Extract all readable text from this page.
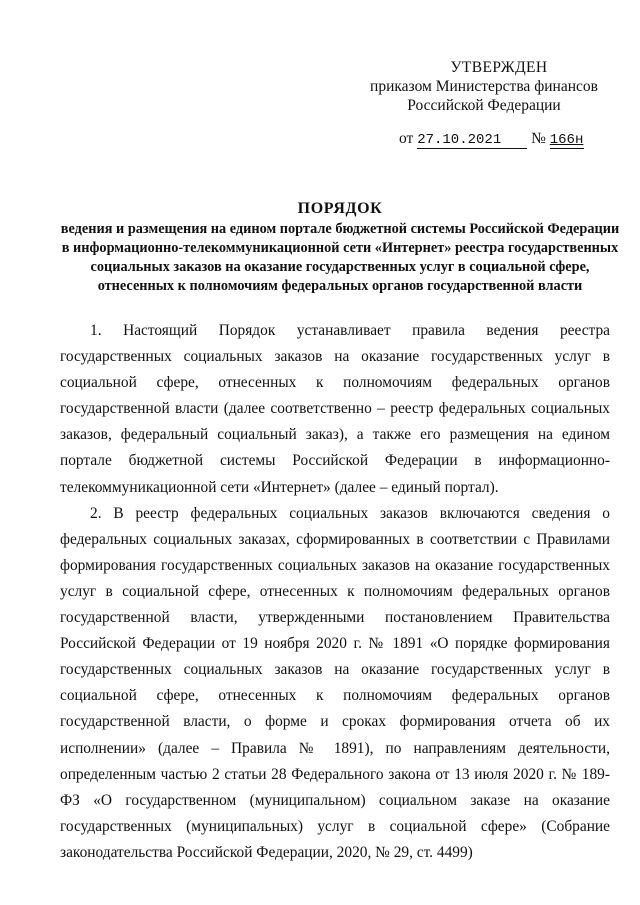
УТВЕРЖДЕН
приказом Министерства финансов
Российской Федерации
от 27.10.2021 № 166н
ПОРЯДОК
ведения и размещения на едином портале бюджетной системы Российской Федерации в информационно-телекоммуникационной сети «Интернет» реестра государственных социальных заказов на оказание государственных услуг в социальной сфере, отнесенных к полномочиям федеральных органов государственной власти

1. Настоящий Порядок устанавливает правила ведения реестра государственных социальных заказов на оказание государственных услуг в социальной сфере, отнесенных к полномочиям федеральных органов государственной власти (далее соответственно – реестр федеральных социальных заказов, федеральный социальный заказ), а также его размещения на едином портале бюджетной системы Российской Федерации в информационно-телекоммуникационной сети «Интернет» (далее – единый портал).

2. В реестр федеральных социальных заказов включаются сведения о федеральных социальных заказах, сформированных в соответствии с Правилами формирования государственных социальных заказов на оказание государственных услуг в социальной сфере, отнесенных к полномочиям федеральных органов государственной власти, утвержденными постановлением Правительства Российской Федерации от 19 ноября 2020 г. № 1891 «О порядке формирования государственных социальных заказов на оказание государственных услуг в социальной сфере, отнесенных к полномочиям федеральных органов государственной власти, о форме и сроках формирования отчета об их исполнении» (далее – Правила № 1891), по направлениям деятельности, определенным частью 2 статьи 28 Федерального закона от 13 июля 2020 г. № 189-ФЗ «О государственном (муниципальном) социальном заказе на оказание государственных (муниципальных) услуг в социальной сфере» (Собрание законодательства Российской Федерации, 2020, № 29, ст. 4499)
